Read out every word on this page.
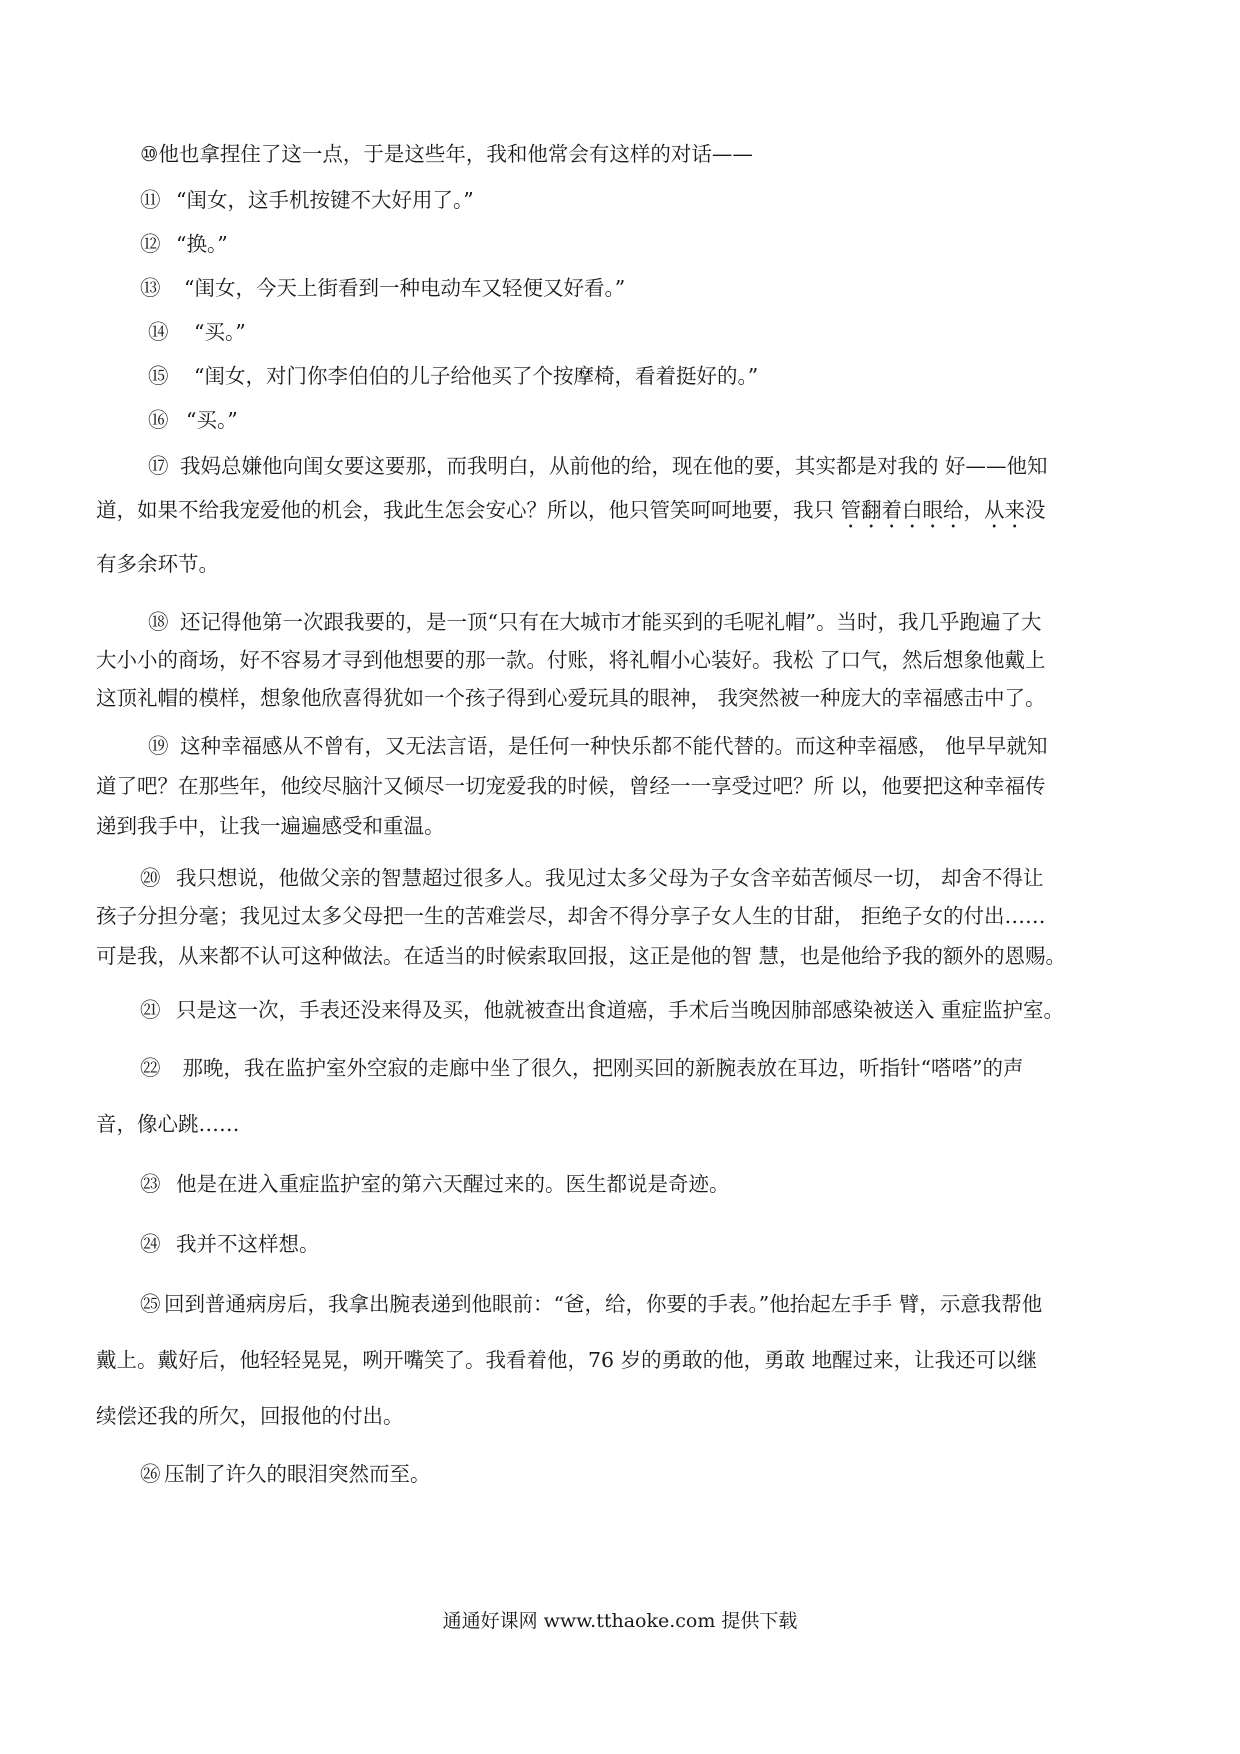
⑩他也拿捏住了这一点，于是这些年，我和他常会有这样的对话——
⑪ “闺女，这手机按键不大好用了。”
⑫ “换。”
⑬ “闺女，今天上街看到一种电动车又轻便又好看。”
⑭ “买。”
⑮ “闺女，对门你李伯伯的儿子给他买了个按摩椅，看着挺好的。”
⑯ “买。”
⑰ 我妈总嫌他向闺女要这要那，而我明白，从前他的给，现在他的要，其实都是对我的 好——他知
道，如果不给我宠爱他的机会，我此生怎会安心？所以，他只管笑呵呵地要，我只 管翻着白眼给，从来没
有多余环节。
⑱ 还记得他第一次跟我要的，是一顶“只有在大城市才能买到的毛呢礼帽”。当时，我几乎跑遍了大
大小小的商场，好不容易才寻到他想要的那一款。付账，将礼帽小心装好。我松 了口气，然后想象他戴上
这顶礼帽的模样，想象他欣喜得犹如一个孩子得到心爱玩具的眼神， 我突然被一种庞大的幸福感击中了。
⑲ 这种幸福感从不曾有，又无法言语，是任何一种快乐都不能代替的。而这种幸福感， 他早早就知
道了吧？在那些年，他绞尽脑汁又倾尽一切宠爱我的时候，曾经一一享受过吧？所 以，他要把这种幸福传
递到我手中，让我一遍遍感受和重温。
⑳ 我只想说，他做父亲的智慧超过很多人。我见过太多父母为子女含辛茹苦倾尽一切， 却舍不得让
孩子分担分毫；我见过太多父母把一生的苦难尝尽，却舍不得分享子女人生的甘甜， 拒绝子女的付出……
可是我，从来都不认可这种做法。在适当的时候索取回报，这正是他的智 慧，也是他给予我的额外的恩赐。
㉑ 只是这一次，手表还没来得及买，他就被查出食道癌，手术后当晚因肺部感染被送入 重症监护室。
㉒ 那晚，我在监护室外空寂的走廊中坐了很久，把刚买回的新腕表放在耳边，听指针“嗒嗒”的声
音，像心跳……
㉓ 他是在进入重症监护室的第六天醒过来的。医生都说是奇迹。
㉔ 我并不这样想。
㉕ 回到普通病房后，我拿出腕表递到他眼前：“爸，给，你要的手表。”他抬起左手手 臂，示意我帮他
戴上。戴好后，他轻轻晃晃，咧开嘴笑了。我看着他，76 岁的勇敢的他，勇敢 地醒过来，让我还可以继
续偿还我的所欠，回报他的付出。
㉖ 压制了许久的眼泪突然而至。
通通好课网 www.tthaoke.com 提供下载
